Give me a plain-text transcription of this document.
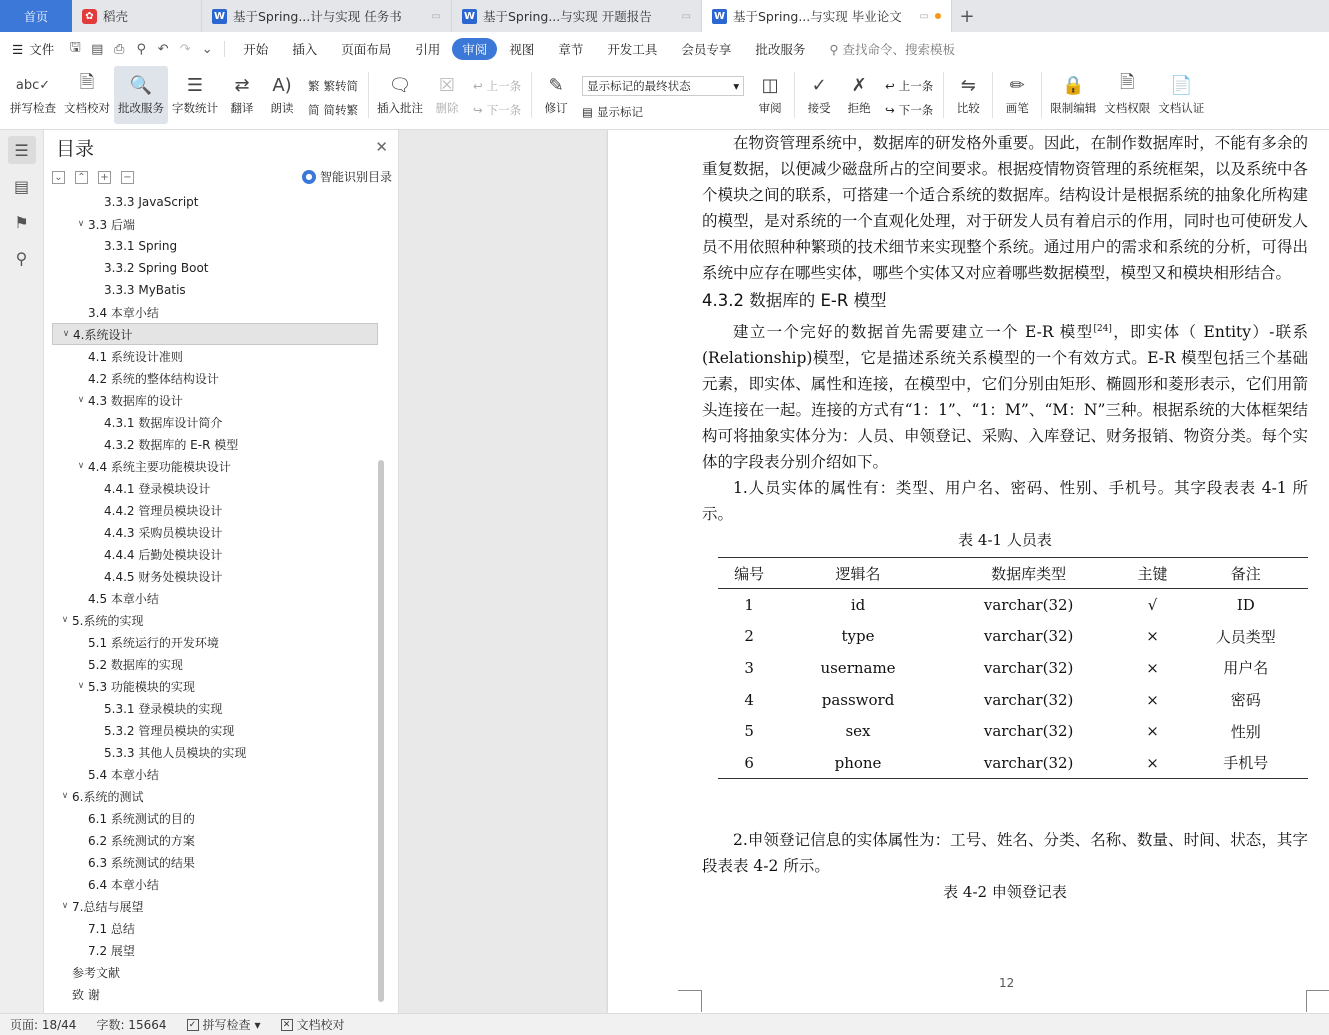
首页	✿ 稻壳	W 基于Spring...计与实现 任务书	▭ W 基于Spring...与实现 开题报告	▭ W 基于Spring...与实现 毕业论文	▭	+
☰ 文件	🖫 ▤ ⎙ ⚲ ↶ ↷ ⌄	开始	插入	页面布局	引用	审阅	视图	章节	开发工具	会员专享	批改服务	⚲ 查找命令、搜索模板
abc✓
拼写检查
🗎
文档校对
🔍
批改服务
☰
字数统计
⇄
翻译
A)
朗读
繁 繁转简
简 简转繁
🗨
插入批注
☒
删除
↩ 上一条
↪ 下一条
✎
修订
显示标记的最终状态	▾
▤ 显示标记
◫
审阅
✓
接受
✗
拒绝
↩ 上一条
↪ 下一条
⇋
比较
✏
画笔
🔒
限制编辑
🗎
文档权限
📄
文档认证
☰
▤
⚑
⚲
目录	✕
⌄ ⌃ + −	● 智能识别目录
3.3.3 JavaScript
∨ 3.3 后端
3.3.1 Spring
3.3.2 Spring Boot
3.3.3 MyBatis
3.4 本章小结
∨ 4.系统设计
4.1 系统设计准则
4.2 系统的整体结构设计
∨ 4.3 数据库的设计
4.3.1 数据库设计简介
4.3.2 数据库的 E-R 模型
∨ 4.4 系统主要功能模块设计
4.4.1 登录模块设计
4.4.2 管理员模块设计
4.4.3 采购员模块设计
4.4.4 后勤处模块设计
4.4.5 财务处模块设计
4.5 本章小结
∨ 5.系统的实现
5.1 系统运行的开发环境
5.2 数据库的实现
∨ 5.3 功能模块的实现
5.3.1 登录模块的实现
5.3.2 管理员模块的实现
5.3.3 其他人员模块的实现
5.4 本章小结
∨ 6.系统的测试
6.1 系统测试的目的
6.2 系统测试的方案
6.3 系统测试的结果
6.4 本章小结
∨ 7.总结与展望
7.1 总结
7.2 展望
参考文献
致 谢

在物资管理系统中，数据库的研发格外重要。因此，在制作数据库时，不能有多余的重复数据，以便减少磁盘所占的空间要求。根据疫情物资管理的系统框架，以及系统中各个模块之间的联系，可搭建一个适合系统的数据库。结构设计是根据系统的抽象化所构建的模型，是对系统的一个直观化处理，对于研发人员有着启示的作用，同时也可使研发人员不用依照种种繁琐的技术细节来实现整个系统。通过用户的需求和系统的分析，可得出系统中应存在哪些实体，哪些个实体又对应着哪些数据模型，模型又和模块相形结合。

4.3.2 数据库的 E-R 模型

建立一个完好的数据首先需要建立一个 E-R 模型[24]，即实体（ Entity）-联系(Relationship)模型，它是描述系统关系模型的一个有效方式。E-R 模型包括三个基础元素，即实体、属性和连接，在模型中，它们分别由矩形、椭圆形和菱形表示，它们用箭头连接在一起。连接的方式有“1：1”、“1：M”、“M：N”三种。根据系统的大体框架结构可将抽象实体分为：人员、申领登记、采购、入库登记、财务报销、物资分类。每个实体的字段表分别介绍如下。

1.人员实体的属性有：类型、用户名、密码、性别、手机号。其字段表表 4-1 所示。

表 4-1 人员表

编号	逻辑名	数据库类型	主键	备注
1	id	varchar(32)	√	ID
2	type	varchar(32)	×	人员类型
3	username	varchar(32)	×	用户名
4	password	varchar(32)	×	密码
5	sex	varchar(32)	×	性别
6	phone	varchar(32)	×	手机号

2.申领登记信息的实体属性为：工号、姓名、分类、名称、数量、时间、状态，其字段表表 4-2 所示。

表 4-2 申领登记表

12
页面: 18/44 字数: 15664 ✓ 拼写检查 ▾ ✕ 文档校对
